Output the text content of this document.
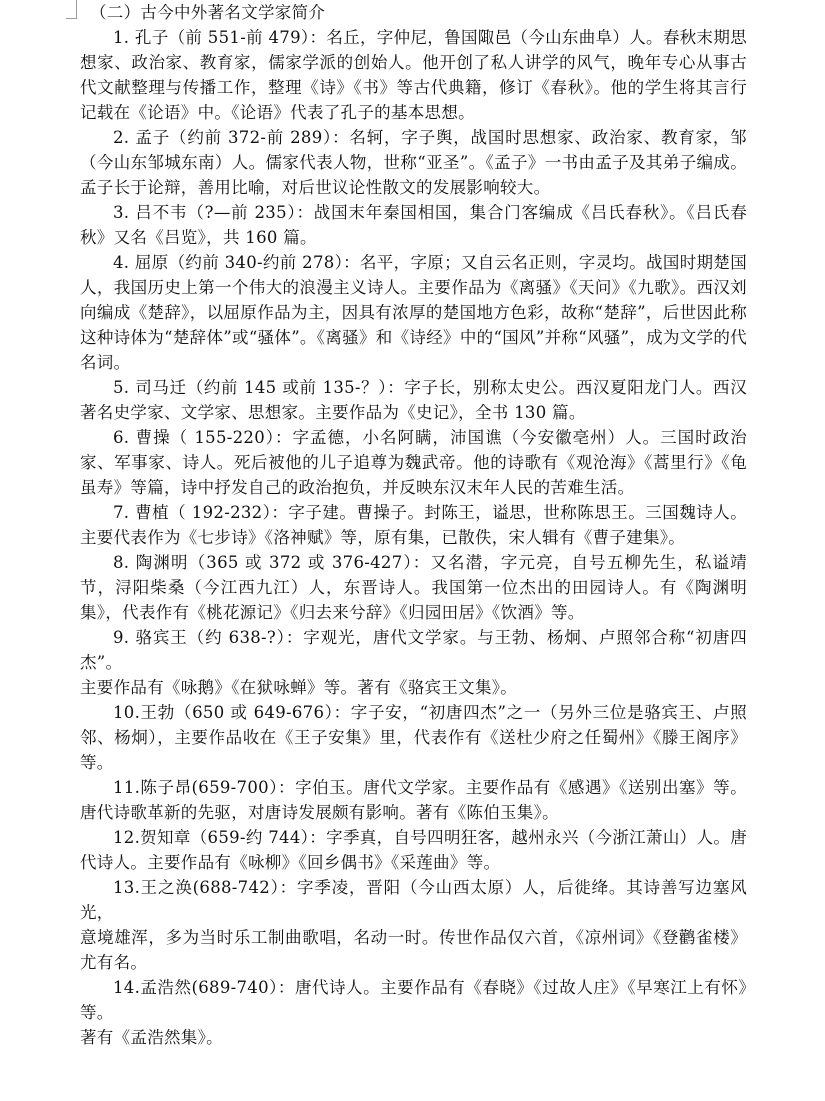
（二）古今中外著名文学家简介

1. 孔子（前 551-前 479）：名丘，字仲尼，鲁国陬邑（今山东曲阜）人。春秋末期思想家、政治家、教育家，儒家学派的创始人。他开创了私人讲学的风气，晚年专心从事古代文献整理与传播工作，整理《诗》《书》等古代典籍，修订《春秋》。他的学生将其言行记载在《论语》中。《论语》代表了孔子的基本思想。

2. 孟子（约前 372-前 289）：名轲，字子舆，战国时思想家、政治家、教育家，邹（今山东邹城东南）人。儒家代表人物，世称“亚圣”。《孟子》一书由孟子及其弟子编成。孟子长于论辩，善用比喻，对后世议论性散文的发展影响较大。

3. 吕不韦（?—前 235）：战国末年秦国相国，集合门客编成《吕氏春秋》。《吕氏春秋》又名《吕览》，共 160 篇。

4. 屈原（约前 340-约前 278）：名平，字原；又自云名正则，字灵均。战国时期楚国人，我国历史上第一个伟大的浪漫主义诗人。主要作品为《离骚》《天问》《九歌》。西汉刘向编成《楚辞》，以屈原作品为主，因具有浓厚的楚国地方色彩，故称“楚辞”，后世因此称这种诗体为“楚辞体”或“骚体”。《离骚》和《诗经》中的“国风”并称“风骚”，成为文学的代名词。

5. 司马迁（约前 145 或前 135-？）：字子长，别称太史公。西汉夏阳龙门人。西汉著名史学家、文学家、思想家。主要作品为《史记》，全书 130 篇。

6. 曹操（ 155-220）：字孟德，小名阿瞒，沛国谯（今安徽亳州）人。三国时政治家、军事家、诗人。死后被他的儿子追尊为魏武帝。他的诗歌有《观沧海》《蒿里行》《龟虽寿》等篇，诗中抒发自己的政治抱负，并反映东汉末年人民的苦难生活。

7. 曹植（ 192-232）：字子建。曹操子。封陈王，谥思，世称陈思王。三国魏诗人。主要代表作为《七步诗》《洛神赋》等，原有集，已散佚，宋人辑有《曹子建集》。

8. 陶渊明（365 或 372 或 376-427）：又名潜，字元亮，自号五柳先生，私谥靖节，浔阳柴桑（今江西九江）人，东晋诗人。我国第一位杰出的田园诗人。有《陶渊明集》，代表作有《桃花源记》《归去来兮辞》《归园田居》《饮酒》等。

9. 骆宾王（约 638-?）：字观光，唐代文学家。与王勃、杨炯、卢照邻合称“初唐四杰”。

主要作品有《咏鹅》《在狱咏蝉》等。著有《骆宾王文集》。

10.王勃（650 或 649-676）：字子安，“初唐四杰”之一（另外三位是骆宾王、卢照邻、杨炯），主要作品收在《王子安集》里，代表作有《送杜少府之任蜀州》《滕王阁序》等。

11.陈子昂(659-700）：字伯玉。唐代文学家。主要作品有《感遇》《送别出塞》等。唐代诗歌革新的先驱，对唐诗发展颇有影响。著有《陈伯玉集》。

12.贺知章（659-约 744）：字季真，自号四明狂客，越州永兴（今浙江萧山）人。唐代诗人。主要作品有《咏柳》《回乡偶书》《采莲曲》等。

13.王之涣(688-742）：字季凌，晋阳（今山西太原）人，后徙绛。其诗善写边塞风光，

意境雄浑，多为当时乐工制曲歌唱，名动一时。传世作品仅六首，《凉州词》《登鹳雀楼》尤有名。

14.孟浩然(689-740）：唐代诗人。主要作品有《春晓》《过故人庄》《早寒江上有怀》等。

著有《孟浩然集》。
